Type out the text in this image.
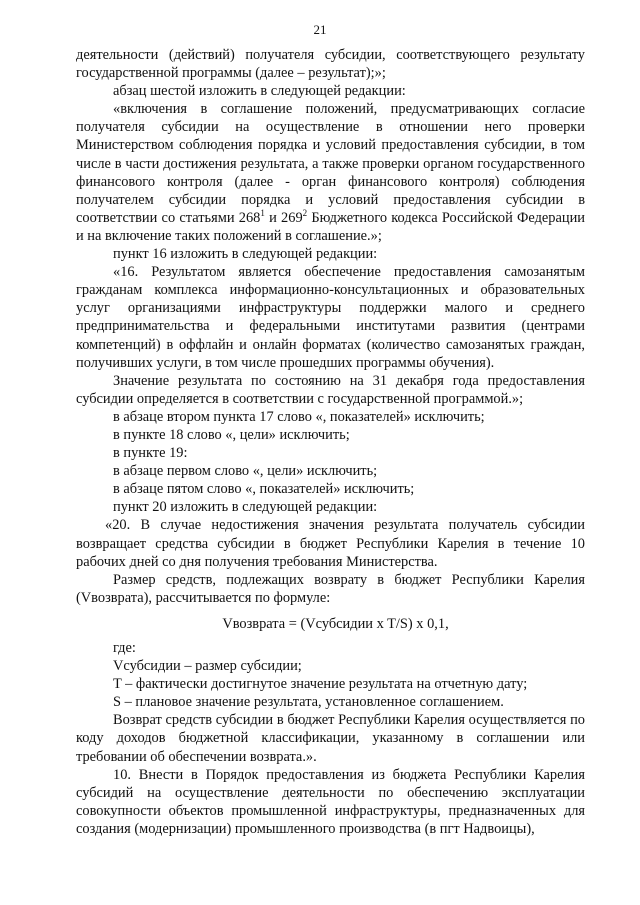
21

деятельности (действий) получателя субсидии, соответствующего результату государственной программы (далее – результат);»;

абзац шестой изложить в следующей редакции:

«включения в соглашение положений, предусматривающих согласие получателя субсидии на осуществление в отношении него проверки Министерством соблюдения порядка и условий предоставления субсидии, в том числе в части достижения результата, а также проверки органом государственного финансового контроля (далее - орган финансового контроля) соблюдения получателем субсидии порядка и условий предоставления субсидии в соответствии со статьями $268^1$ и $269^2$ Бюджетного кодекса Российской Федерации и на включение таких положений в соглашение.»;

пункт 16 изложить в следующей редакции:

«16. Результатом является обеспечение предоставления самозанятым гражданам комплекса информационно-консультационных и образовательных услуг организациями инфраструктуры поддержки малого и среднего предпринимательства и федеральными институтами развития (центрами компетенций) в оффлайн и онлайн форматах (количество самозанятых граждан, получивших услуги, в том числе прошедших программы обучения).

Значение результата по состоянию на 31 декабря года предоставления субсидии определяется в соответствии с государственной программой.»;

в абзаце втором пункта 17 слово «, показателей» исключить;

в пункте 18 слово «, цели» исключить;

в пункте 19:

в абзаце первом слово «, цели» исключить;

в абзаце пятом слово «, показателей» исключить;

пункт 20 изложить в следующей редакции:

«20. В случае недостижения значения результата получатель субсидии возвращает средства субсидии в бюджет Республики Карелия в течение 10 рабочих дней со дня получения требования Министерства.

Размер средств, подлежащих возврату в бюджет Республики Карелия (Vвозврата), рассчитывается по формуле:

Vвозврата = (Vсубсидии x T/S) x 0,1,

где:

Vсубсидии – размер субсидии;

T – фактически достигнутое значение результата на отчетную дату;

S – плановое значение результата, установленное соглашением.

Возврат средств субсидии в бюджет Республики Карелия осуществляется по коду доходов бюджетной классификации, указанному в соглашении или требовании об обеспечении возврата.».

10. Внести в Порядок предоставления из бюджета Республики Карелия субсидий на осуществление деятельности по обеспечению эксплуатации совокупности объектов промышленной инфраструктуры, предназначенных для создания (модернизации) промышленного производства (в пгт Надвоицы),
